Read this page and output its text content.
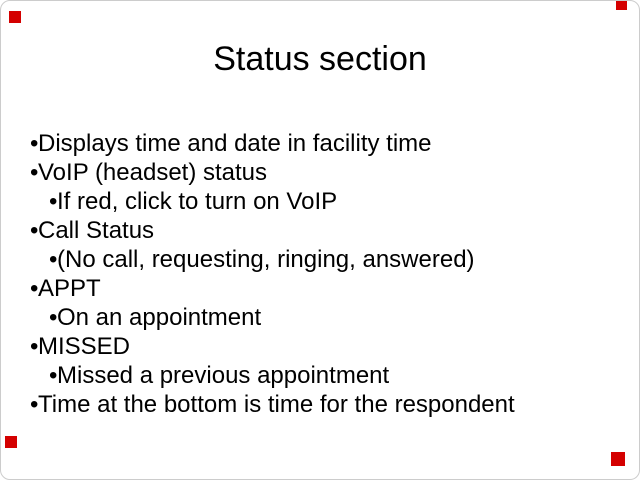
Status section
•Displays time and date in facility time
•VoIP (headset) status
•If red, click to turn on VoIP
•Call Status
•(No call, requesting, ringing, answered)
•APPT
•On an appointment
•MISSED
•Missed a previous appointment
•Time at the bottom is time for the respondent
